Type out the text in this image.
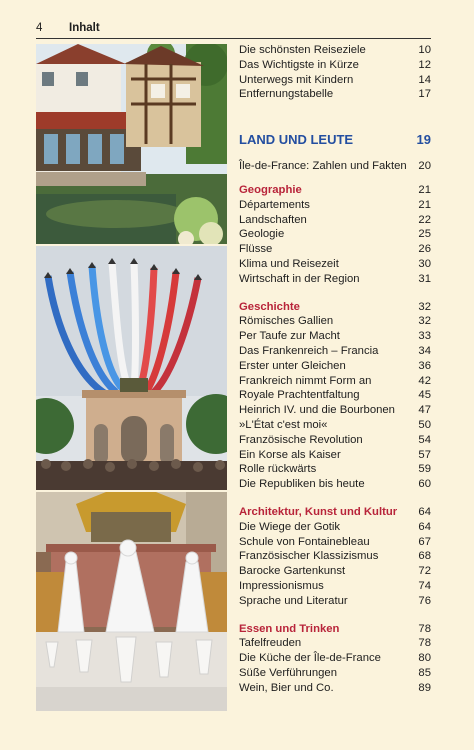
4 Inhalt
Die schönsten Reiseziele	10
Das Wichtigste in Kürze	12
Unterwegs mit Kindern	14
Entfernungstabelle	17
LAND UND LEUTE	19
Île-de-France: Zahlen und Fakten 20
Geographie	21
Départements	21
Landschaften	22
Geologie	25
Flüsse	26
Klima und Reisezeit	30
Wirtschaft in der Region	31
Geschichte	32
Römisches Gallien	32
Per Taufe zur Macht	33
Das Frankenreich – Francia	34
Erster unter Gleichen	36
Frankreich nimmt Form an	42
Royale Prachtentfaltung	45
Heinrich IV. und die Bourbonen 47
»L'État c'est moi«	50
Französische Revolution	54
Ein Korse als Kaiser	57
Rolle rückwärts	59
Die Republiken bis heute	60
Architektur, Kunst und Kultur 64
Die Wiege der Gotik	64
Schule von Fontainebleau	67
Französischer Klassizismus	68
Barocke Gartenkunst	72
Impressionismus	74
Sprache und Literatur	76
Essen und Trinken	78
Tafelfreuden	78
Die Küche der Île-de-France	80
Süße Verführungen	85
Wein, Bier und Co.	89
